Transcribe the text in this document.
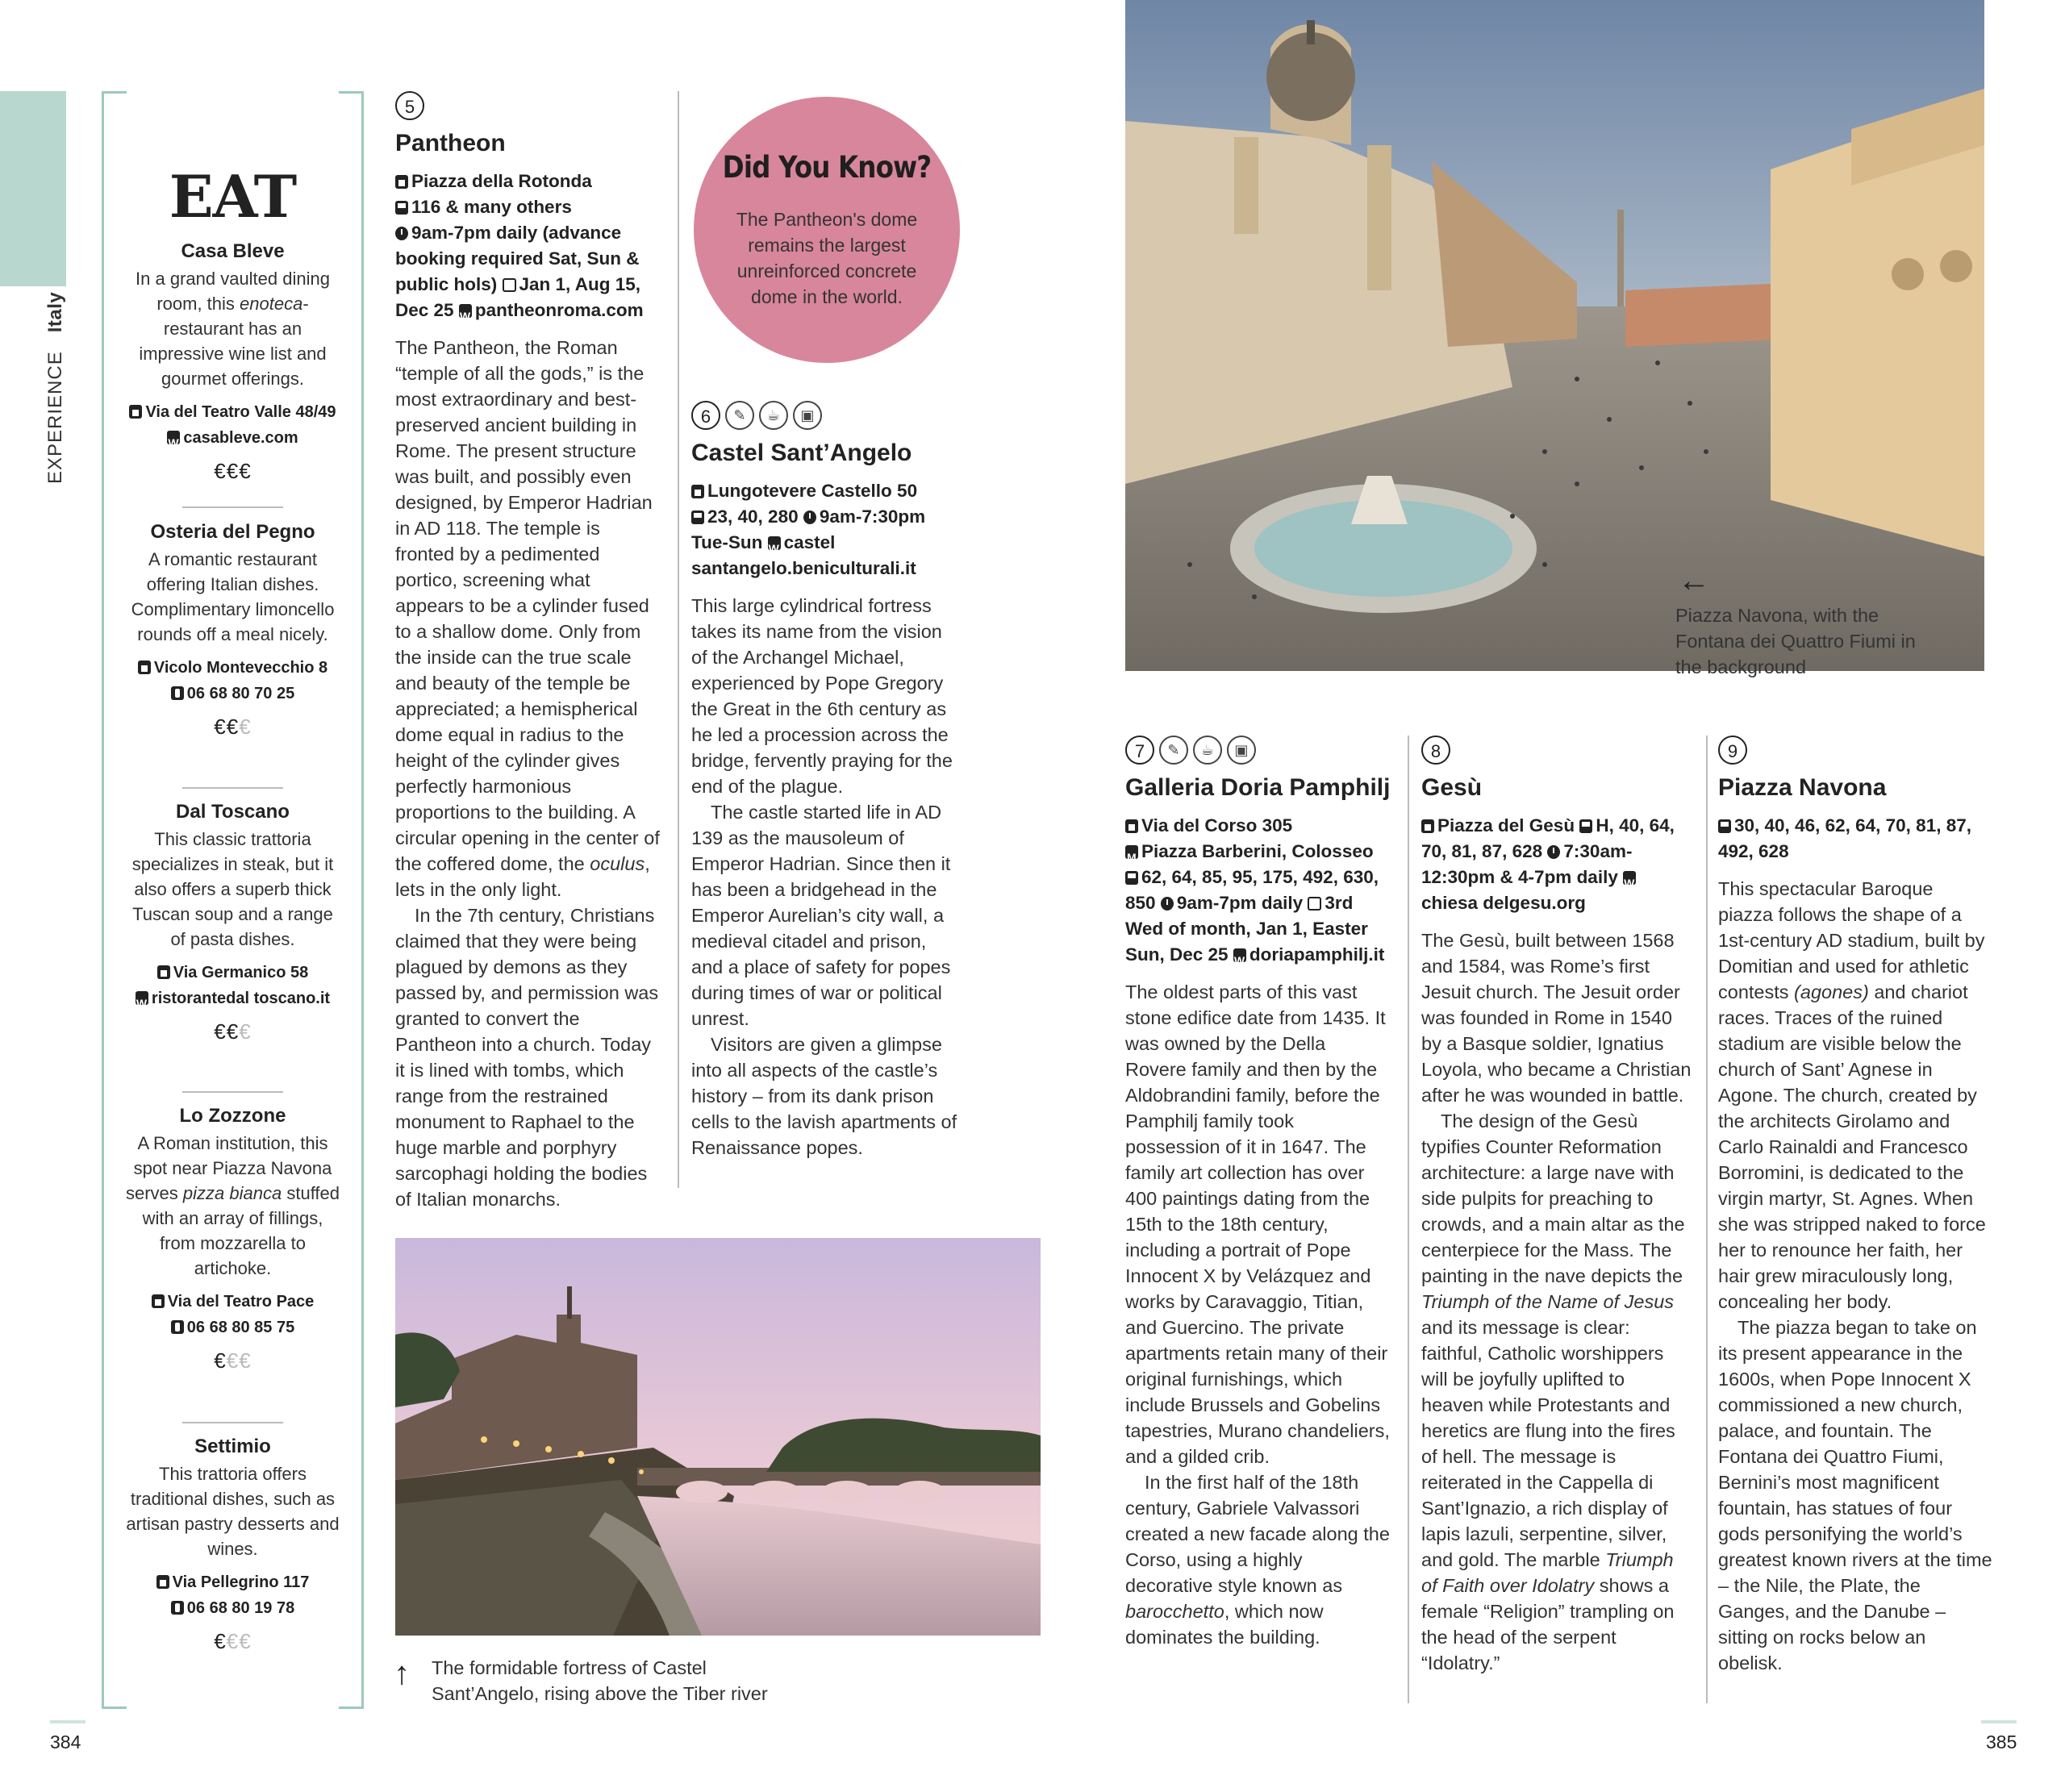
EXPERIENCE   Italy
EAT
Casa Bleve
In a grand vaulted dining room, this enoteca-restaurant has an impressive wine list and gourmet offerings.
Via del Teatro Valle 48/49 Wcasableve.com
€€€
Osteria del Pegno
A romantic restaurant offering Italian dishes. Complimentary limoncello rounds off a meal nicely.
Vicolo Montevecchio 8
06 68 80 70 25
€€€
Dal Toscano
This classic trattoria specializes in steak, but it also offers a superb thick Tuscan soup and a range of pasta dishes.
Via Germanico 58
Wristorantedal toscano.it
€€€
Lo Zozzone
A Roman institution, this spot near Piazza Navona serves pizza bianca stuffed with an array of fillings, from mozzarella to artichoke.
Via del Teatro Pace
06 68 80 85 75
€€€
Settimio
This trattoria offers traditional dishes, such as artisan pastry desserts and wines.
Via Pellegrino 117
06 68 80 19 78
€€€
5
Pantheon
Piazza della Rotonda
116 & many others
9am-7pm daily (advance booking required Sat, Sun & public hols) Jan 1, Aug 15, Dec 25 W pantheonroma.com

The Pantheon, the Roman “temple of all the gods,” is the most extraordinary and best-preserved ancient building in Rome. The present structure was built, and possibly even designed, by Emperor Hadrian in AD 118. The temple is fronted by a pedimented portico, screening what appears to be a cylinder fused to a shallow dome. Only from the inside can the true scale and beauty of the temple be appreciated; a hemispherical dome equal in radius to the height of the cylinder gives perfectly harmonious proportions to the building. A circular opening in the center of the coffered dome, the oculus, lets in the only light.

In the 7th century, Christians claimed that they were being plagued by demons as they passed by, and permission was granted to convert the Pantheon into a church. Today it is lined with tombs, which range from the restrained monument to Raphael to the huge marble and porphyry sarcophagi holding the bodies of Italian monarchs.

Did You Know?
The Pantheon's dome remains the largest unreinforced concrete dome in the world.
6 ✎ ☕ ▣
Castel Sant’Angelo
Lungotevere Castello 50
23, 40, 280 9am-7:30pm Tue-Sun W castel santangelo.beniculturali.it

This large cylindrical fortress takes its name from the vision of the Archangel Michael, experienced by Pope Gregory the Great in the 6th century as he led a procession across the bridge, fervently praying for the end of the plague.

The castle started life in AD 139 as the mausoleum of Emperor Hadrian. Since then it has been a bridgehead in the Emperor Aurelian’s city wall, a medieval citadel and prison, and a place of safety for popes during times of war or political unrest.

Visitors are given a glimpse into all aspects of the castle’s history – from its dank prison cells to the lavish apartments of Renaissance popes.

↑ The formidable fortress of Castel Sant’Angelo, rising above the Tiber river
←
Piazza Navona, with the Fontana dei Quattro Fiumi in the background
7 ✎ ☕ ▣
Galleria Doria Pamphilj
Via del Corso 305
MPiazza Barberini, Colosseo 62, 64, 85, 95, 175, 492, 630, 850 9am-7pm daily 3rd Wed of month, Jan 1, Easter Sun, Dec 25 W doriapamphilj.it

The oldest parts of this vast stone edifice date from 1435. It was owned by the Della Rovere family and then by the Aldobrandini family, before the Pamphilj family took possession of it in 1647. The family art collection has over 400 paintings dating from the 15th to the 18th century, including a portrait of Pope Innocent X by Velázquez and works by Caravaggio, Titian, and Guercino. The private apartments retain many of their original furnishings, which include Brussels and Gobelins tapestries, Murano chandeliers, and a gilded crib.

In the first half of the 18th century, Gabriele Valvassori created a new facade along the Corso, using a highly decorative style known as barocchetto, which now dominates the building.

8
Gesù
Piazza del Gesù H, 40, 64, 70, 81, 87, 628 7:30am-12:30pm & 4-7pm daily Wchiesa delgesu.org

The Gesù, built between 1568 and 1584, was Rome’s first Jesuit church. The Jesuit order was founded in Rome in 1540 by a Basque soldier, Ignatius Loyola, who became a Christian after he was wounded in battle.

The design of the Gesù typifies Counter Reformation architecture: a large nave with side pulpits for preaching to crowds, and a main altar as the centerpiece for the Mass. The painting in the nave depicts the Triumph of the Name of Jesus and its message is clear: faithful, Catholic worshippers will be joyfully uplifted to heaven while Protestants and heretics are flung into the fires of hell. The message is reiterated in the Cappella di Sant’Ignazio, a rich display of lapis lazuli, serpentine, silver, and gold. The marble Triumph of Faith over Idolatry shows a female “Religion” trampling on the head of the serpent “Idolatry.”

9
Piazza Navona
30, 40, 46, 62, 64, 70, 81, 87, 492, 628

This spectacular Baroque piazza follows the shape of a 1st-century AD stadium, built by Domitian and used for athletic contests (agones) and chariot races. Traces of the ruined stadium are visible below the church of Sant’ Agnese in Agone. The church, created by the architects Girolamo and Carlo Rainaldi and Francesco Borromini, is dedicated to the virgin martyr, St. Agnes. When she was stripped naked to force her to renounce her faith, her hair grew miraculously long, concealing her body.

The piazza began to take on its present appearance in the 1600s, when Pope Innocent X commissioned a new church, palace, and fountain. The Fontana dei Quattro Fiumi, Bernini’s most magnificent fountain, has statues of four gods personifying the world’s greatest known rivers at the time – the Nile, the Plate, the Ganges, and the Danube – sitting on rocks below an obelisk.

384	385
